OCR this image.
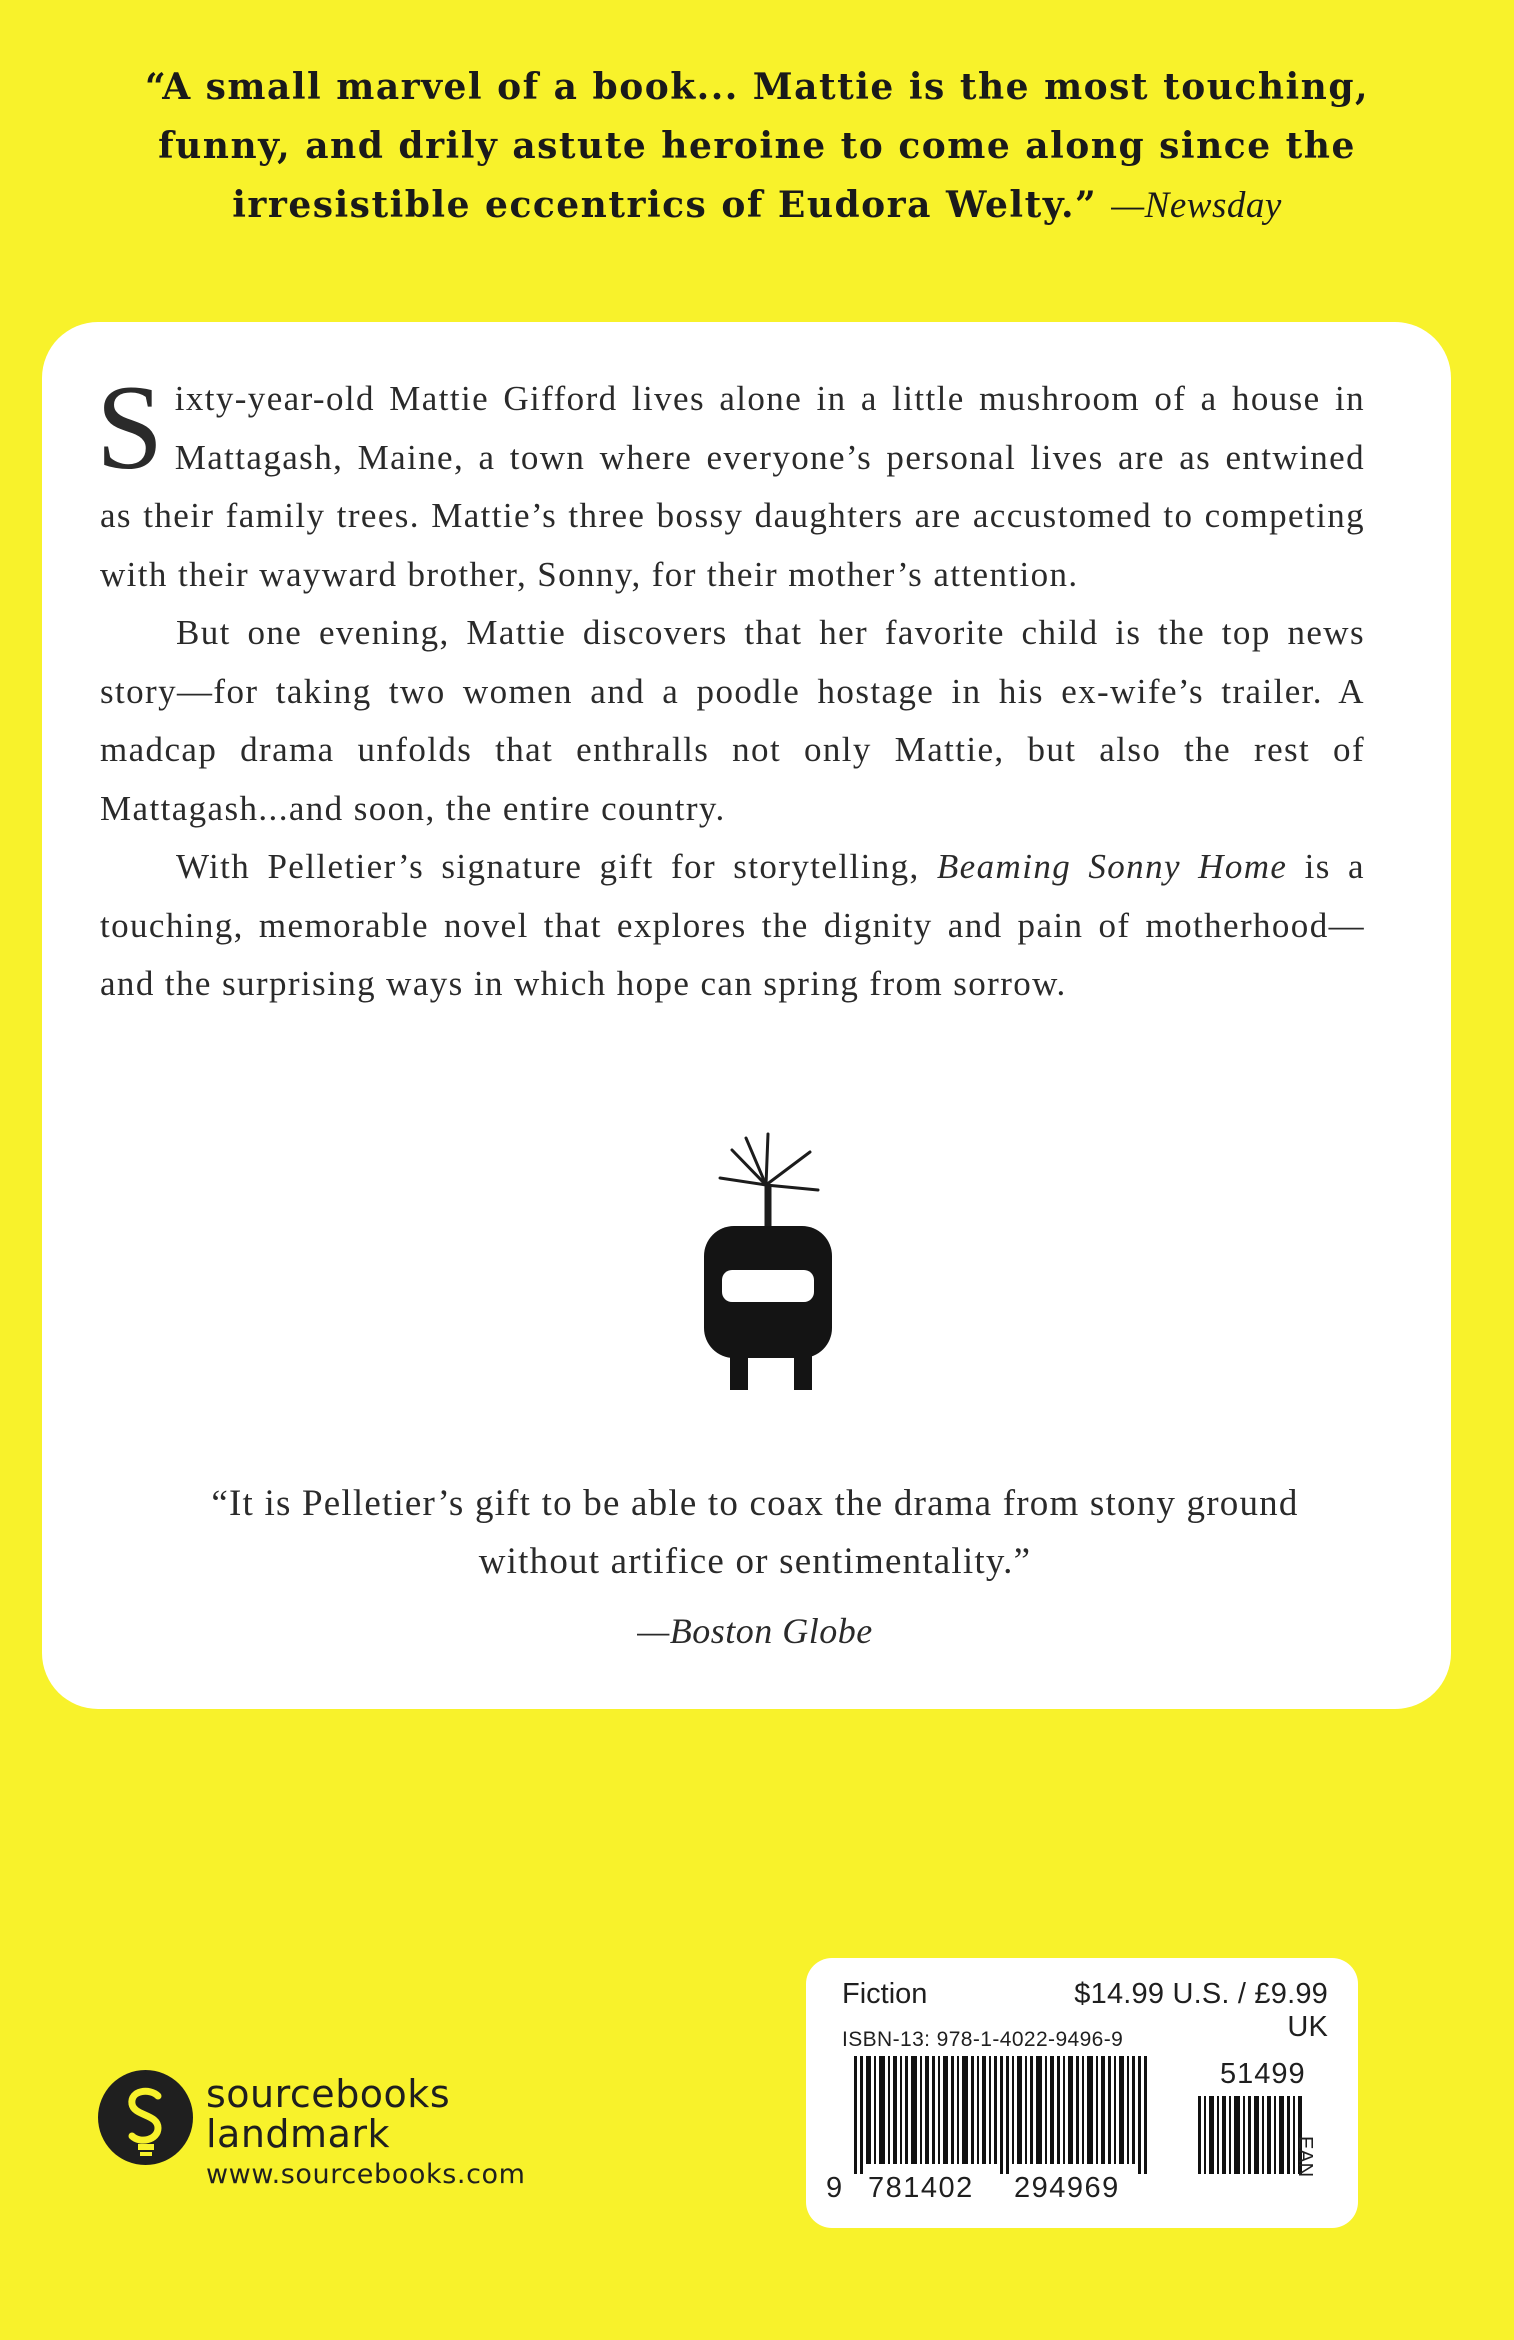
“A small marvel of a book... Mattie is the most touching, funny, and drily astute heroine to come along since the irresistible eccentrics of Eudora Welty.” —Newsday

Sixty-year-old Mattie Gifford lives alone in a little mushroom of a house in Mattagash, Maine, a town where everyone’s personal lives are as entwined as their family trees. Mattie’s three bossy daughters are accustomed to competing with their wayward brother, Sonny, for their mother’s attention.

But one evening, Mattie discovers that her favorite child is the top news story—for taking two women and a poodle hostage in his ex-wife’s trailer. A madcap drama unfolds that enthralls not only Mattie, but also the rest of Mattagash...and soon, the entire country.

With Pelletier’s signature gift for storytelling, Beaming Sonny Home is a touching, memorable novel that explores the dignity and pain of motherhood—and the surprising ways in which hope can spring from sorrow.

“It is Pelletier’s gift to be able to coax the drama from stony ground without artifice or sentimentality.”
—Boston Globe
sourcebooks
landmark
www.sourcebooks.com
Fiction	$14.99 U.S. / £9.99 UK
ISBN-13: 978-1-4022-9496-9
51499
EAN
9 781402 294969
